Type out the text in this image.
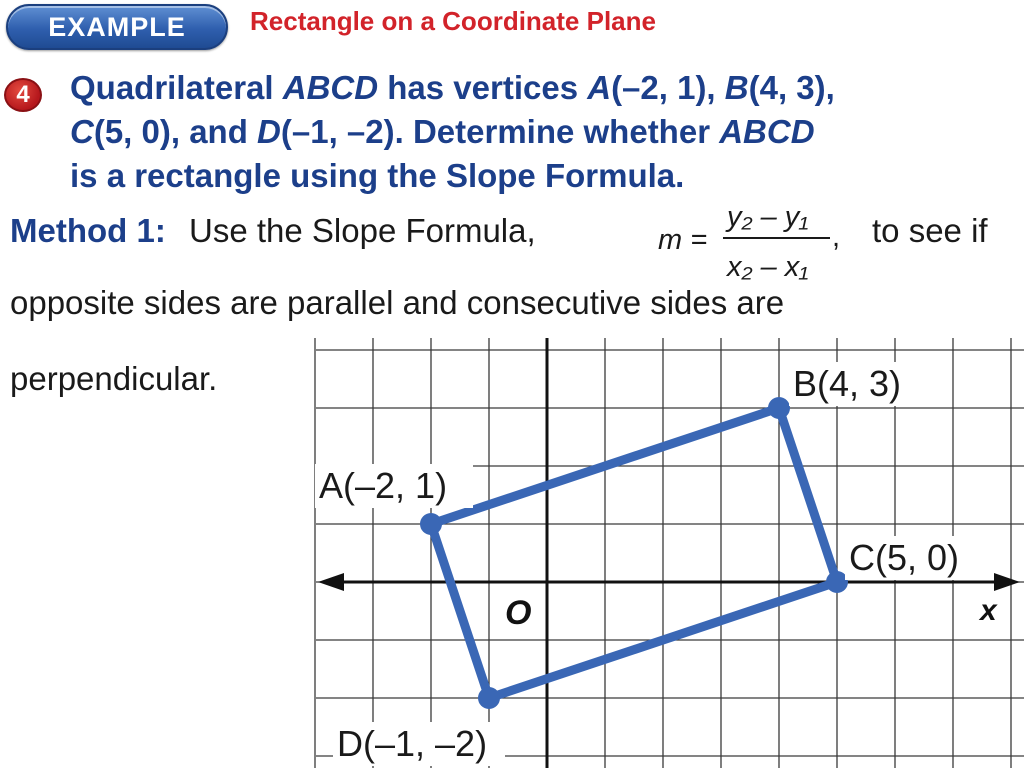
EXAMPLE	Rectangle on a Coordinate Plane
4	Quadrilateral ABCD has vertices A(–2, 1), B(4, 3),
C(5, 0), and D(–1, –2). Determine whether ABCD
is a rectangle using the Slope Formula.
Method 1: Use the Slope Formula,	m =
y₂ – y₁
x₂ – x₁
, to see if
opposite sides are parallel and consecutive sides are
perpendicular.
x
O
A(–2, 1)
B(4, 3)
C(5, 0)
D(–1, –2)
